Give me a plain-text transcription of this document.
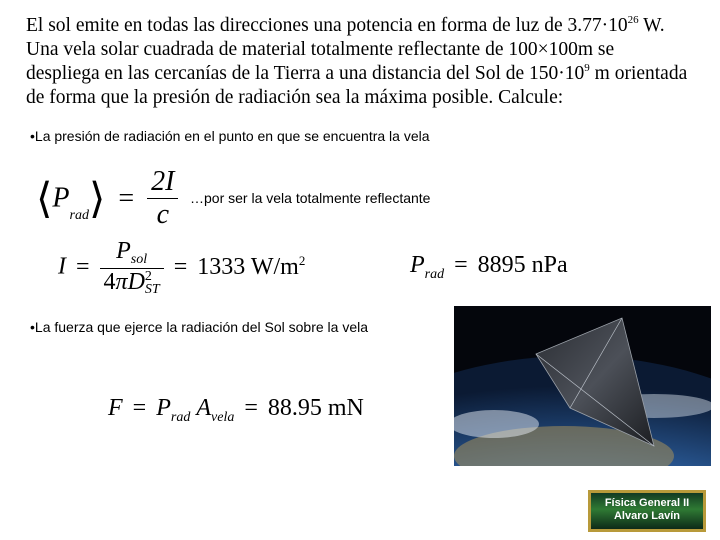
El sol emite en todas las direcciones una potencia en forma de luz de $3.77\cdot 10^{26}$ W.
Una vela solar cuadrada de material totalmente reflectante de 100×100m se
despliega en las cercanías de la Tierra a una distancia del Sol de $150\cdot 10^9$ m orientada
de forma que la presión de radiación sea la máxima posible. Calcule:
•La presión de radiación en el punto en que se encuentra la vela
$⟨P_{rad}⟩ = \frac{2I}{c}$ …por ser la vela totalmente reflectante
$I = P_{sol}$
4πD 2
ST = 1333 $W/m^2$	$P_{rad} = 8895$ nPa
•La fuerza que ejerce la radiación del Sol sobre la vela
$F = P_{rad}$ $A_{vela} = 88.95$ mN
Física General II
Alvaro Lavín
